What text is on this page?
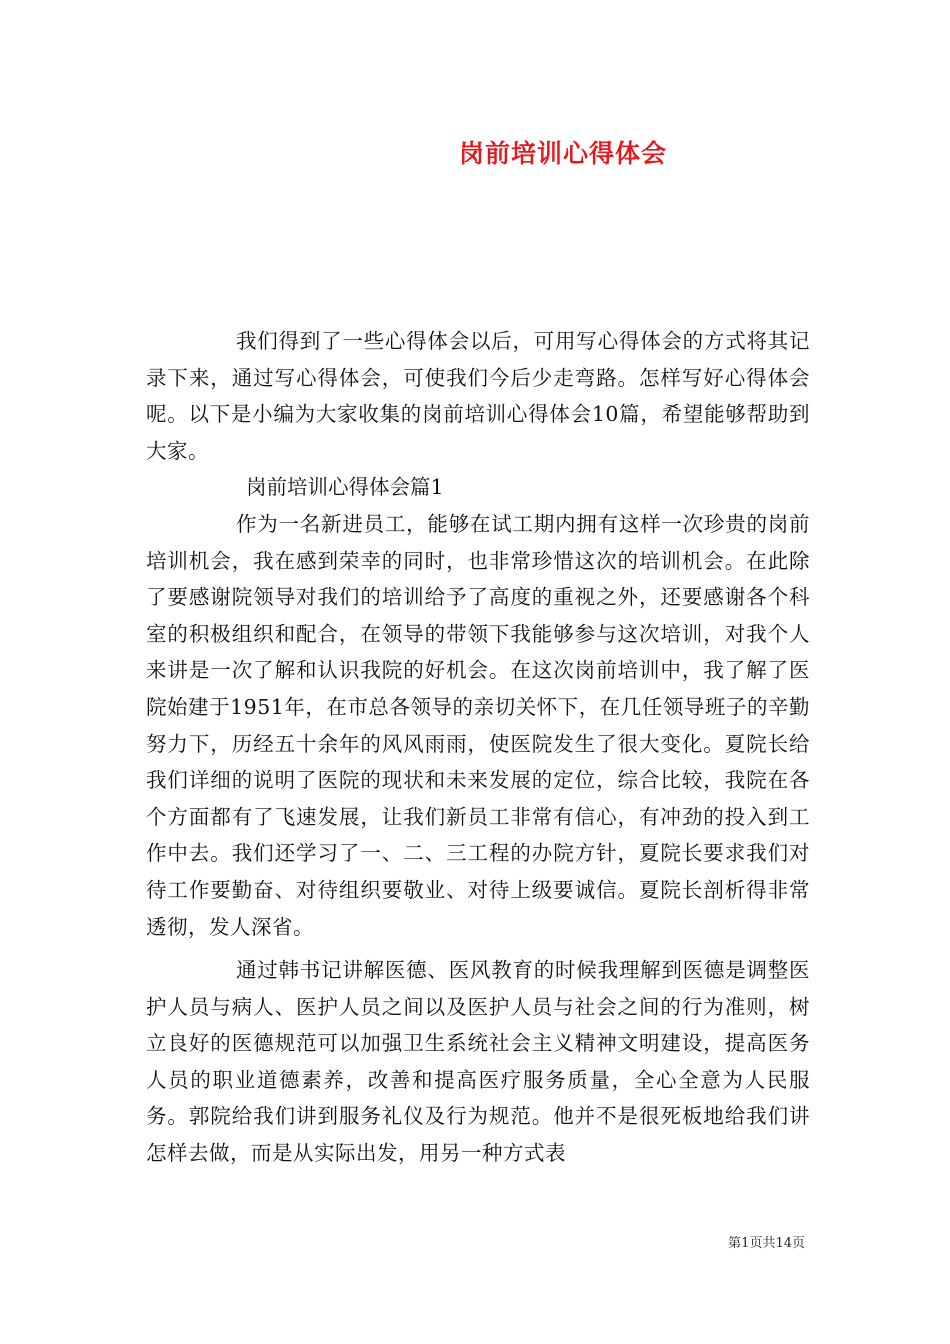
岗前培训心得体会

我们得到了一些心得体会以后，可用写心得体会的方式将其记录下来，通过写心得体会，可使我们今后少走弯路。怎样写好心得体会呢。以下是小编为大家收集的岗前培训心得体会10篇，希望能够帮助到大家。

岗前培训心得体会篇1

作为一名新进员工，能够在试工期内拥有这样一次珍贵的岗前培训机会，我在感到荣幸的同时，也非常珍惜这次的培训机会。在此除了要感谢院领导对我们的培训给予了高度的重视之外，还要感谢各个科室的积极组织和配合，在领导的带领下我能够参与这次培训，对我个人来讲是一次了解和认识我院的好机会。在这次岗前培训中，我了解了医院始建于1951年，在市总各领导的亲切关怀下，在几任领导班子的辛勤努力下，历经五十余年的风风雨雨，使医院发生了很大变化。夏院长给我们详细的说明了医院的现状和未来发展的定位，综合比较，我院在各个方面都有了飞速发展，让我们新员工非常有信心，有冲劲的投入到工作中去。我们还学习了一、二、三工程的办院方针，夏院长要求我们对待工作要勤奋、对待组织要敬业、对待上级要诚信。夏院长剖析得非常透彻，发人深省。

通过韩书记讲解医德、医风教育的时候我理解到医德是调整医护人员与病人、医护人员之间以及医护人员与社会之间的行为准则，树立良好的医德规范可以加强卫生系统社会主义精神文明建设，提高医务人员的职业道德素养，改善和提高医疗服务质量，全心全意为人民服务。郭院给我们讲到服务礼仪及行为规范。他并不是很死板地给我们讲怎样去做，而是从实际出发，用另一种方式表

第1页共14页
